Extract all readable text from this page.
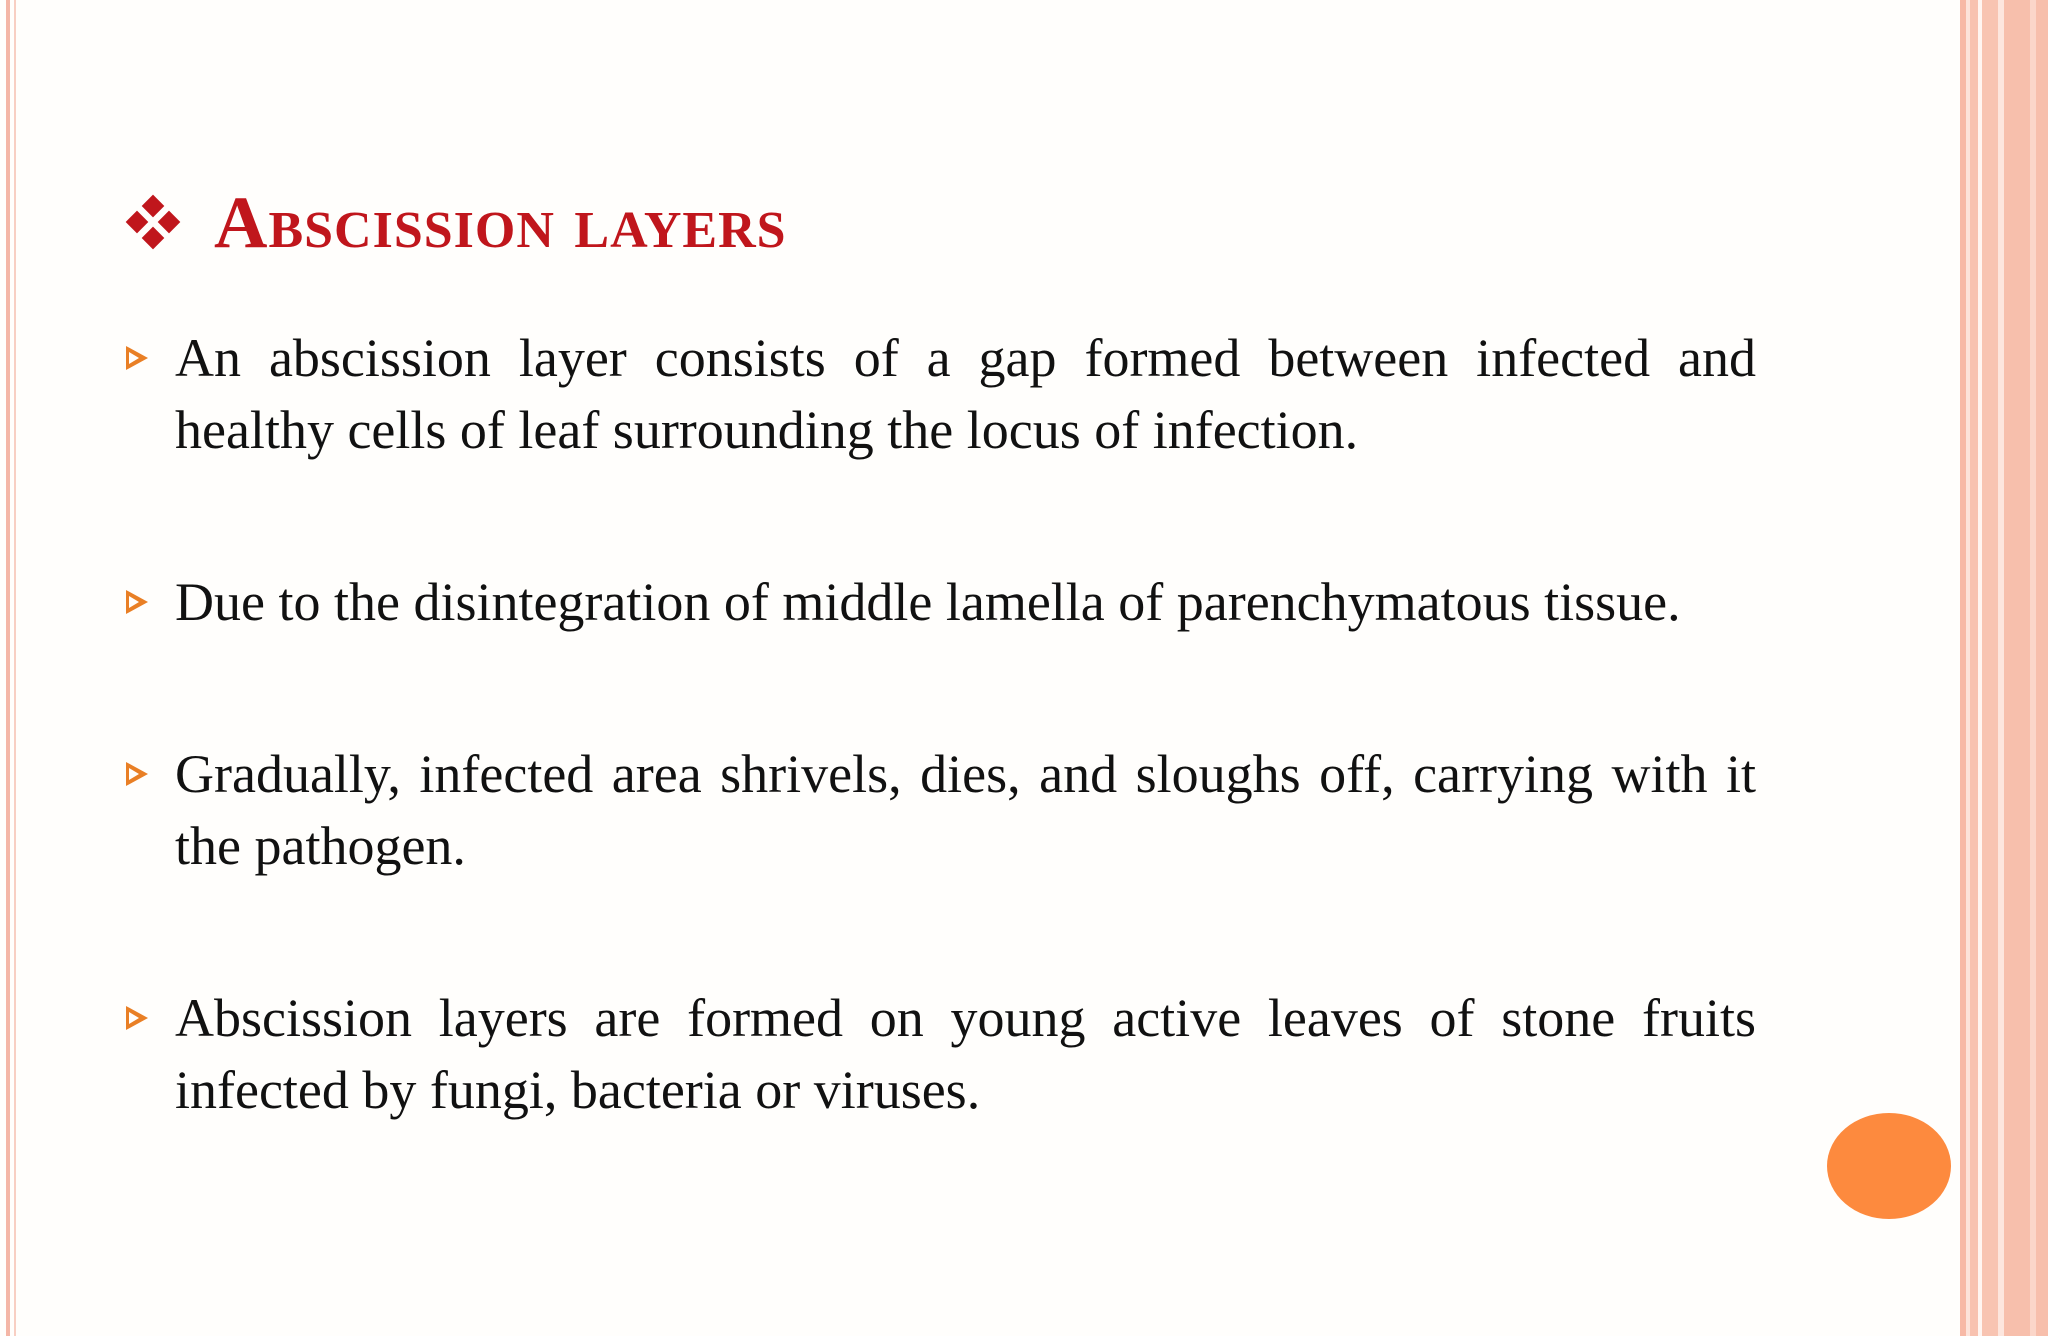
Abscission layers
An abscission layer consists of a gap formed between infected and healthy cells of leaf surrounding the locus of infection.
Due to the disintegration of middle lamella of parenchymatous tissue.
Gradually, infected area shrivels, dies, and sloughs off, carrying with it the pathogen.
Abscission layers are formed on young active leaves of stone fruits infected by fungi, bacteria or viruses.
